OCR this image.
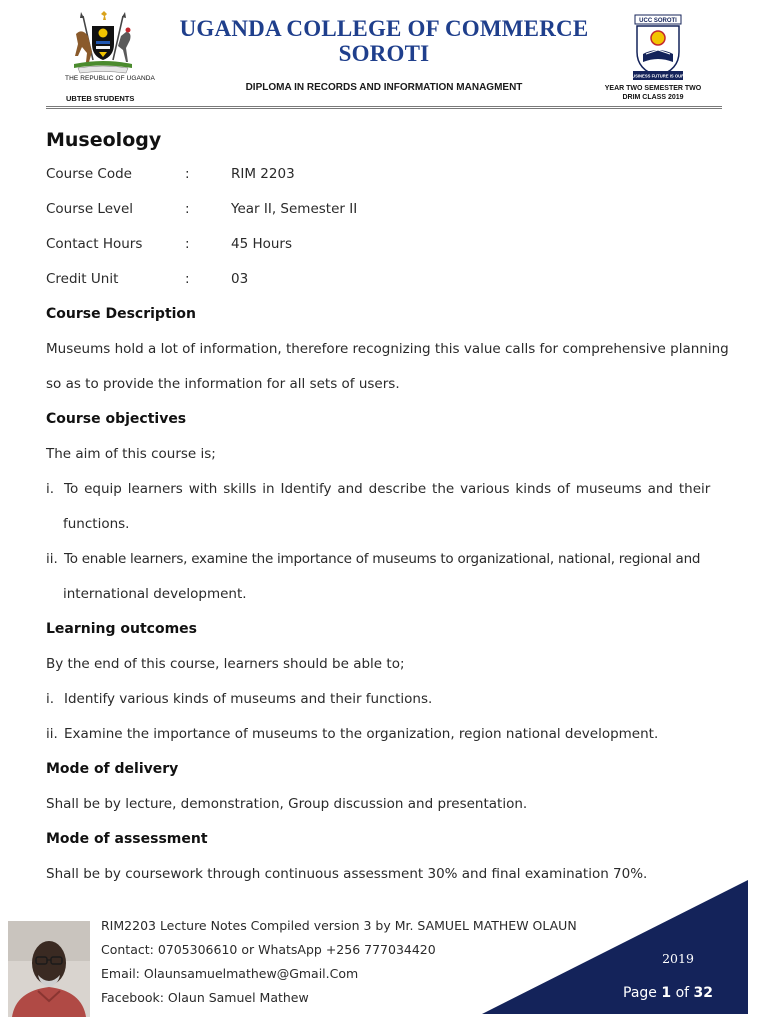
THE REPUBLIC OF UGANDA
UBTEB STUDENTS
UGANDA COLLEGE OF COMMERCE
SOROTI
DIPLOMA IN RECORDS AND INFORMATION MANAGMENT
UCC SOROTI
BUSINESS FUTURE IS OURS
YEAR TWO SEMESTER TWO
DRIM CLASS 2019
Museology
Course Code	:	RIM 2203
Course Level	:	Year II, Semester II
Contact Hours	:	45 Hours
Credit Unit	:	03
Course Description
Museums hold a lot of information, therefore recognizing this value calls for comprehensive planning
so as to provide the information for all sets of users.
Course objectives
The aim of this course is;
i. To equip learners with skills in Identify and describe the various kinds of museums and their
functions.
ii. To enable learners, examine the importance of museums to organizational, national, regional and
international development.
Learning outcomes
By the end of this course, learners should be able to;
i. Identify various kinds of museums and their functions.
ii. Examine the importance of museums to the organization, region national development.
Mode of delivery
Shall be by lecture, demonstration, Group discussion and presentation.
Mode of assessment
Shall be by coursework through continuous assessment 30% and final examination 70%.
RIM2203 Lecture Notes Compiled version 3 by Mr. SAMUEL MATHEW OLAUN
Contact: 0705306610 or WhatsApp +256 777034420
Email: Olaunsamuelmathew@Gmail.Com
Facebook: Olaun Samuel Mathew
2019
Page 1 of 32
